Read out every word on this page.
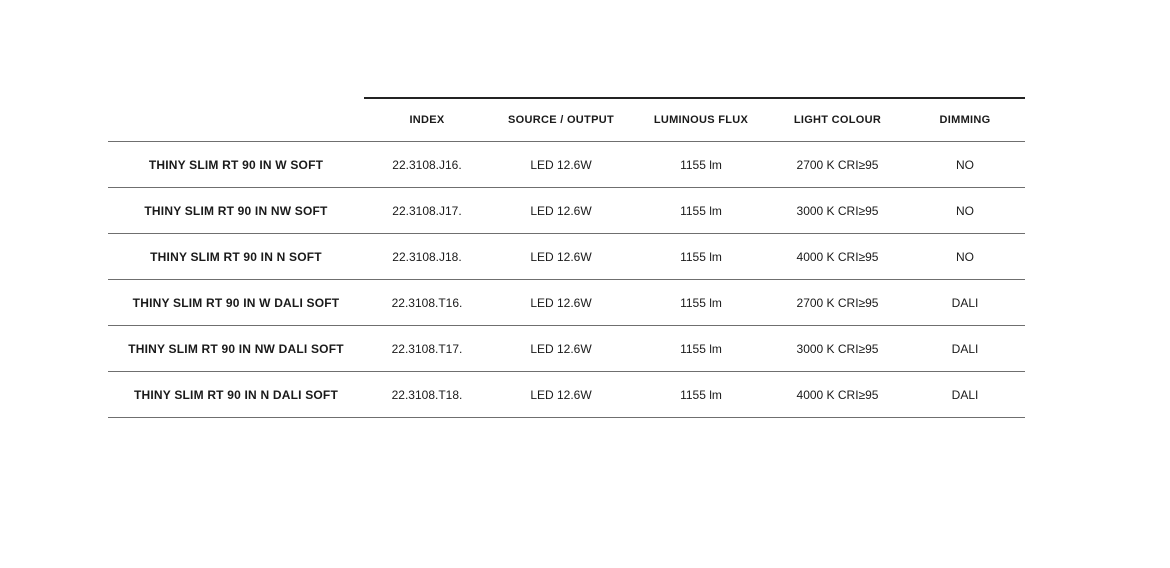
	INDEX	SOURCE / OUTPUT	LUMINOUS FLUX	LIGHT COLOUR	DIMMING
THINY SLIM RT 90 IN W SOFT	22.3108.J16.	LED 12.6W	1155 lm	2700 K CRI≥95	NO
THINY SLIM RT 90 IN NW SOFT	22.3108.J17.	LED 12.6W	1155 lm	3000 K CRI≥95	NO
THINY SLIM RT 90 IN N SOFT	22.3108.J18.	LED 12.6W	1155 lm	4000 K CRI≥95	NO
THINY SLIM RT 90 IN W DALI SOFT	22.3108.T16.	LED 12.6W	1155 lm	2700 K CRI≥95	DALI
THINY SLIM RT 90 IN NW DALI SOFT	22.3108.T17.	LED 12.6W	1155 lm	3000 K CRI≥95	DALI
THINY SLIM RT 90 IN N DALI SOFT	22.3108.T18.	LED 12.6W	1155 lm	4000 K CRI≥95	DALI
